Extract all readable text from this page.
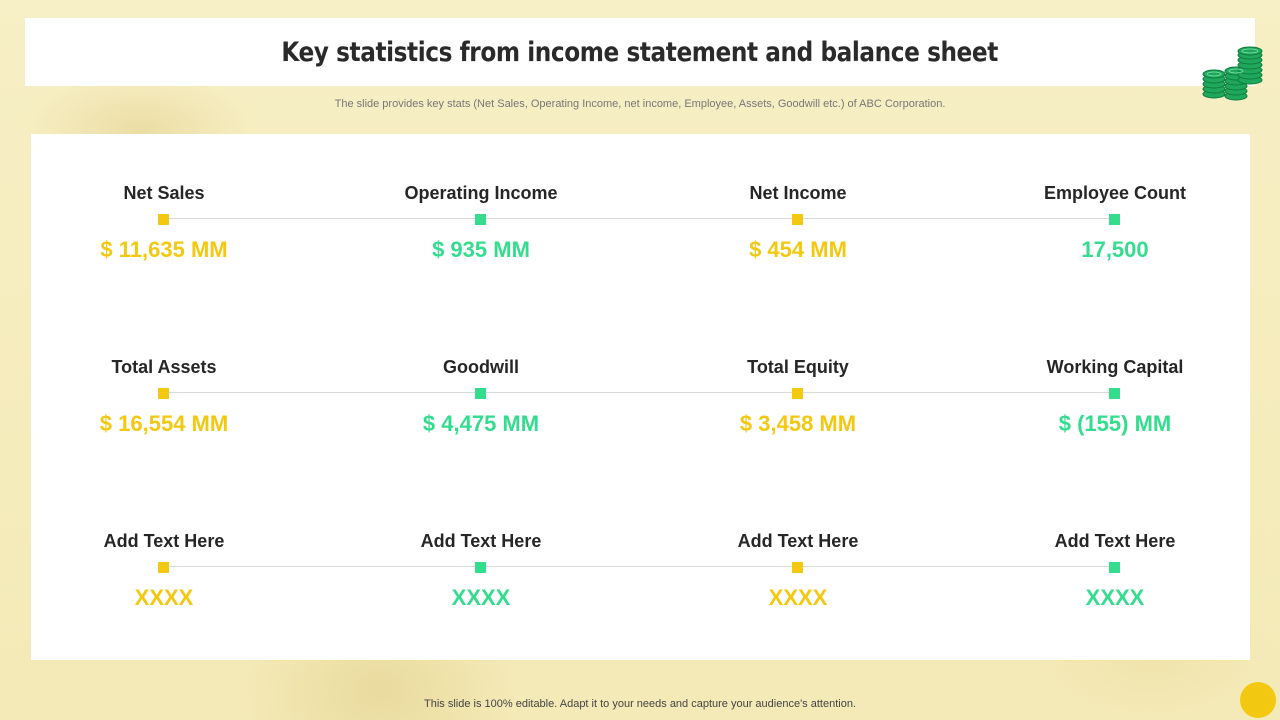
Key statistics from income statement and balance sheet
The slide provides key stats (Net Sales, Operating Income, net income, Employee, Assets, Goodwill etc.) of ABC Corporation.
Net Sales
$ 11,635 MM
Operating Income
$ 935 MM
Net Income
$ 454 MM
Employee Count
17,500
Total Assets
$ 16,554 MM
Goodwill
$ 4,475 MM
Total Equity
$ 3,458 MM
Working Capital
$ (155) MM
Add Text Here
XXXX
Add Text Here
XXXX
Add Text Here
XXXX
Add Text Here
XXXX
This slide is 100% editable. Adapt it to your needs and capture your audience's attention.
